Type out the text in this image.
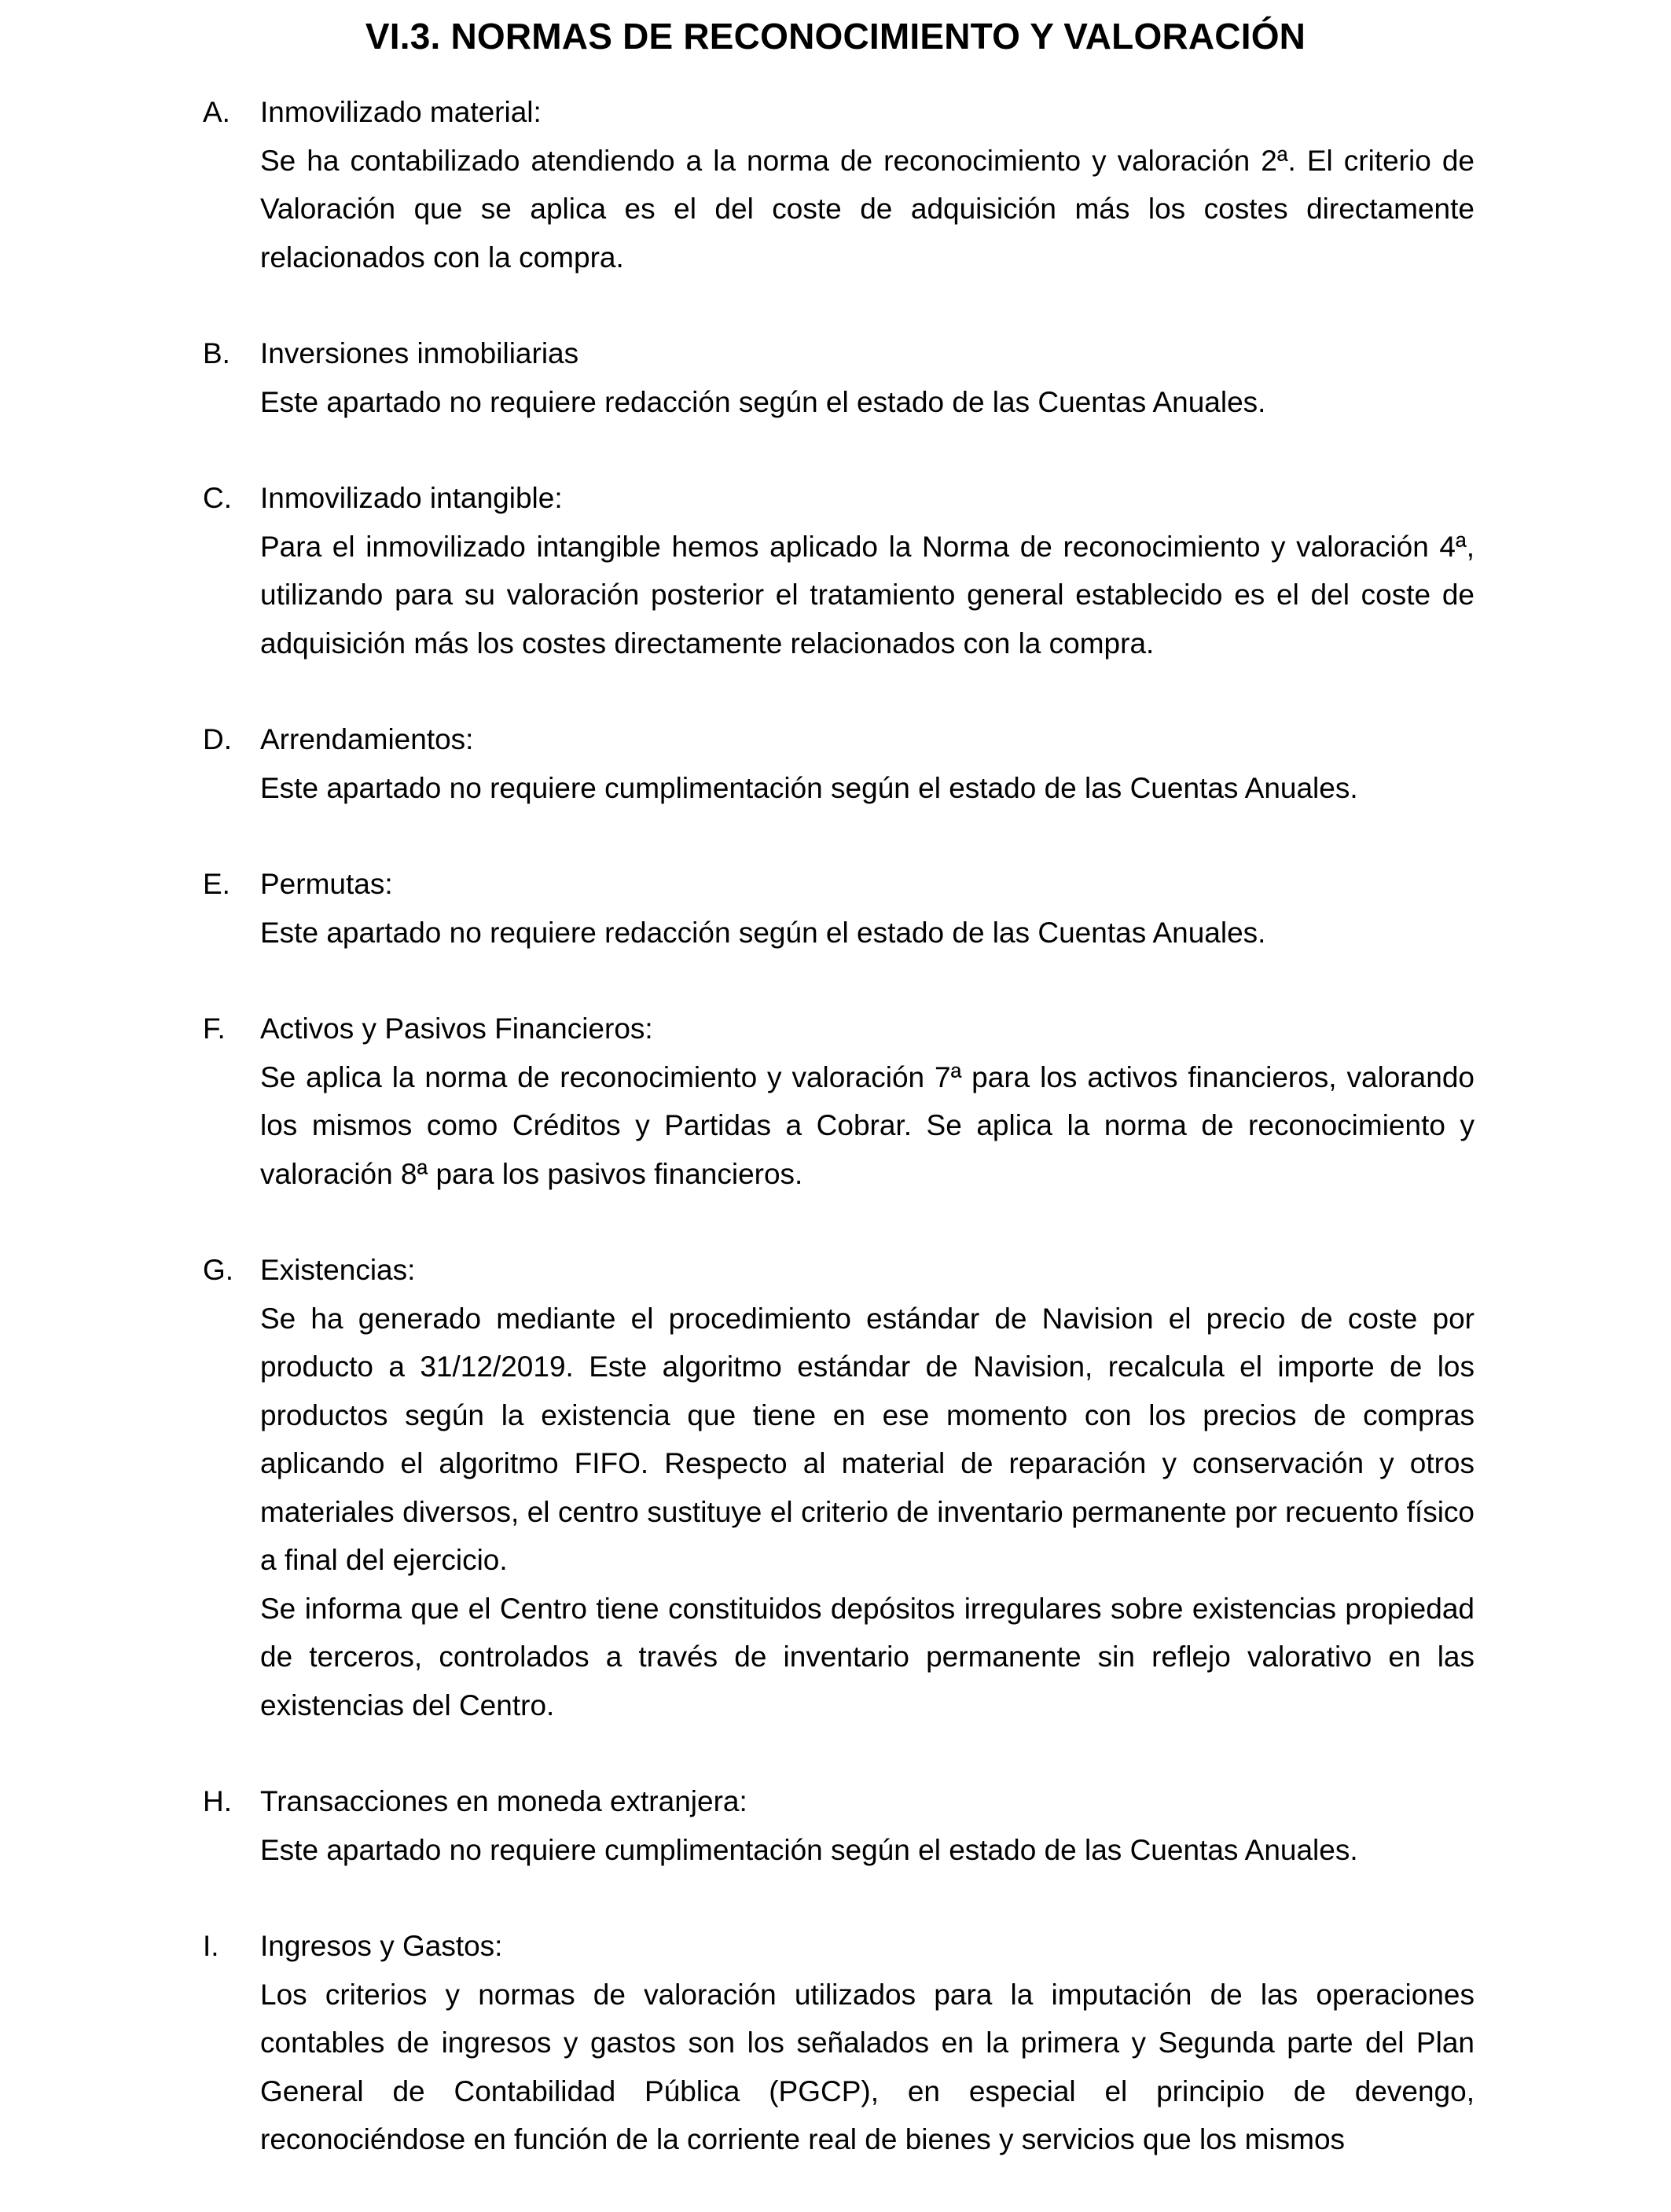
VI.3. NORMAS DE RECONOCIMIENTO Y VALORACIÓN
A. Inmovilizado material:

Se ha contabilizado atendiendo a la norma de reconocimiento y valoración 2ª. El criterio de Valoración que se aplica es el del coste de adquisición más los costes directamente relacionados con la compra.

B. Inversiones inmobiliarias

Este apartado no requiere redacción según el estado de las Cuentas Anuales.

C. Inmovilizado intangible:

Para el inmovilizado intangible hemos aplicado la Norma de reconocimiento y valoración 4ª, utilizando para su valoración posterior el tratamiento general establecido es el del coste de adquisición más los costes directamente relacionados con la compra.

D. Arrendamientos:

Este apartado no requiere cumplimentación según el estado de las Cuentas Anuales.

E. Permutas:

Este apartado no requiere redacción según el estado de las Cuentas Anuales.

F. Activos y Pasivos Financieros:

Se aplica la norma de reconocimiento y valoración 7ª para los activos financieros, valorando los mismos como Créditos y Partidas a Cobrar. Se aplica la norma de reconocimiento y valoración 8ª para los pasivos financieros.

G. Existencias:

Se ha generado mediante el procedimiento estándar de Navision el precio de coste por producto a 31/12/2019. Este algoritmo estándar de Navision, recalcula el importe de los productos según la existencia que tiene en ese momento con los precios de compras aplicando el algoritmo FIFO. Respecto al material de reparación y conservación y otros materiales diversos, el centro sustituye el criterio de inventario permanente por recuento físico a final del ejercicio.

Se informa que el Centro tiene constituidos depósitos irregulares sobre existencias propiedad de terceros, controlados a través de inventario permanente sin reflejo valorativo en las existencias del Centro.

H. Transacciones en moneda extranjera:

Este apartado no requiere cumplimentación según el estado de las Cuentas Anuales.

I. Ingresos y Gastos:

Los criterios y normas de valoración utilizados para la imputación de las operaciones contables de ingresos y gastos son los señalados en la primera y Segunda parte del Plan General de Contabilidad Pública (PGCP), en especial el principio de devengo, reconociéndose en función de la corriente real de bienes y servicios que los mismos
